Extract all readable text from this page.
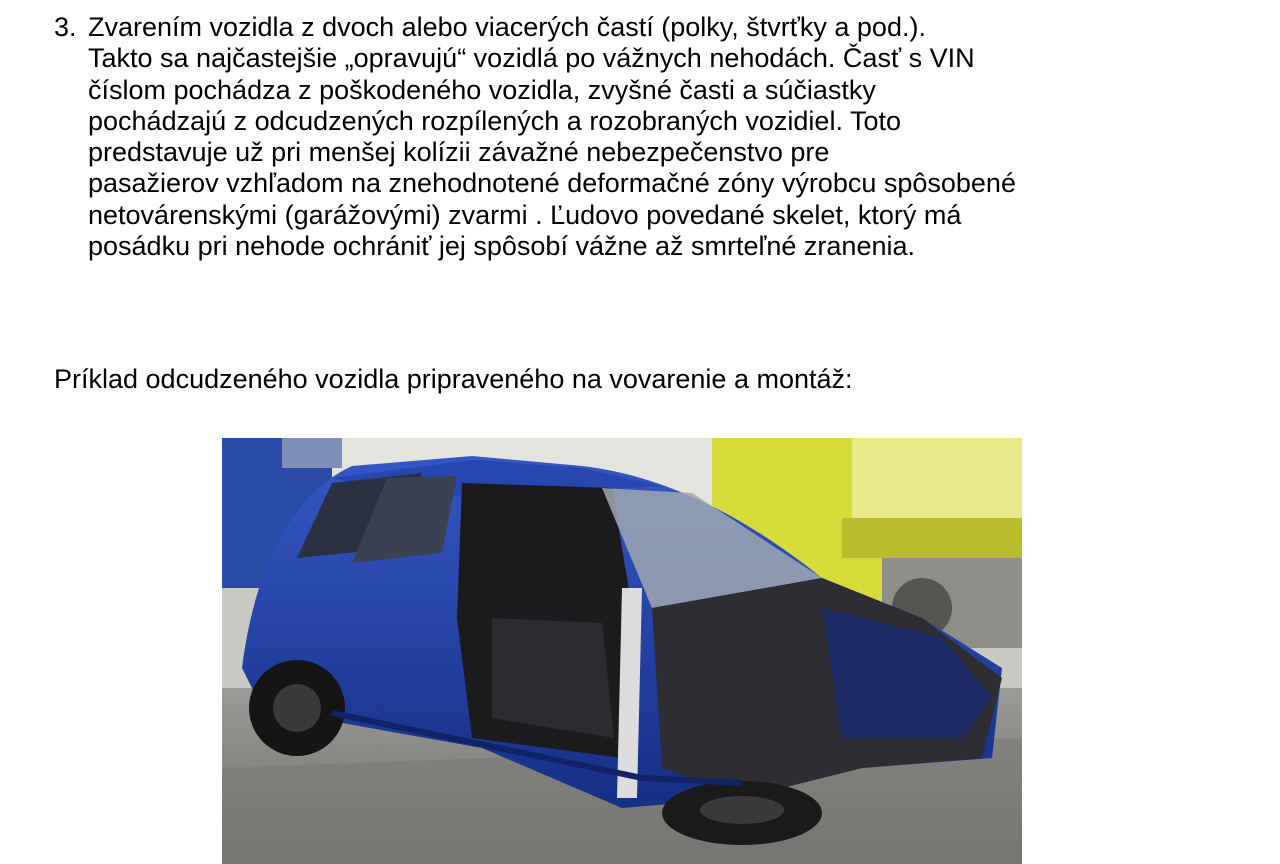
3. Zvarením vozidla z dvoch alebo viacerých častí (polky, štvrťky a pod.).

Takto sa najčastejšie „opravujú“ vozidlá po vážnych nehodách. Časť s VIN

číslom pochádza z poškodeného vozidla, zvyšné časti a súčiastky

pochádzajú z odcudzených rozpílených a rozobraných vozidiel. Toto

predstavuje už pri menšej kolízii závažné nebezpečenstvo pre

pasažierov vzhľadom na znehodnotené deformačné zóny výrobcu spôsobené

netovárenskými (garážovými) zvarmi . Ľudovo povedané skelet, ktorý má

posádku pri nehode ochrániť jej spôsobí vážne až smrteľné zranenia.

Príklad odcudzeného vozidla pripraveného na vovarenie a montáž:
